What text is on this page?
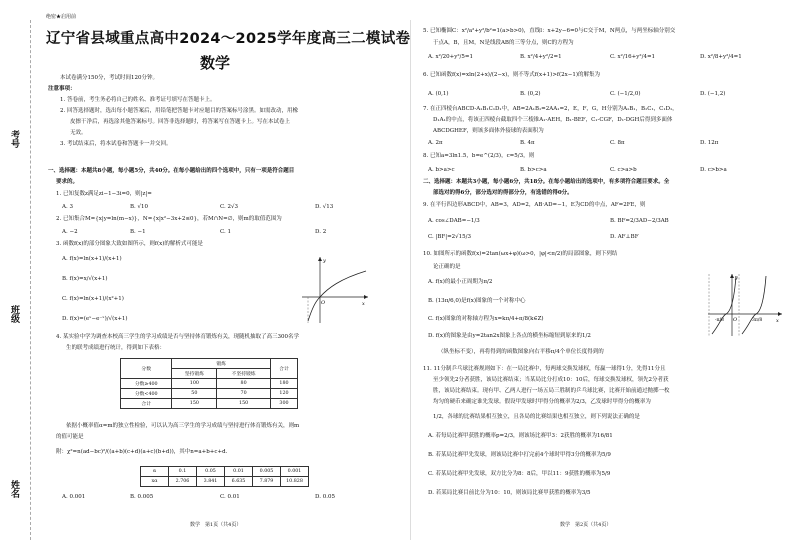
考号
班级
姓名
绝密★启用前
辽宁省县域重点高中2024～2025学年度高三二模试卷
数学
本试卷满分150分，考试时间120分钟。
注意事项：
1. 答卷前，考生务必将自己的姓名、准考证号填写在答题卡上。
2. 回答选择题时，选出每小题答案后，用铅笔把答题卡对应题目的答案标号涂黑。如需改动，用橡
皮擦干净后，再选涂其他答案标号。回答非选择题时，将答案写在答题卡上。写在本试卷上
无效。
3. 考试结束后，将本试卷和答题卡一并交回。
一、选择题：本题共8小题，每小题5分，共40分。在每小题给出的四个选项中，只有一项是符合题目
要求的。
1. 已知复数z满足zi−1−3i=0，则|z|=
A. 3	B. √10	C. 2√3	D. √13
2. 已知集合M={x|y=ln(m−x)}，N={x|x²−3x+2≤0}，若M∩N=∅，则m的取值范围为
A. −2	B. −1	C. 1	D. 2
3. 函数f(x)的部分图象大致如图所示，则f(x)的解析式可能是
A. f(x)=ln(x+1)/(x+1)
B. f(x)=x/√(x+1)
C. f(x)=ln(x+1)/(x²+1)
D. f(x)=(eˣ−e⁻ˣ)/√(x+1)
x
y
O
4. 某实验中学为调查本校高三学生的学习成绩是否与坚持体育锻炼有关，现随机抽取了高三300名学
生的联考成绩进行统计，得到如下表格：
分数	锻炼		合计
	坚持锻炼	不坚持锻炼	
分数≥400	100	80	180
分数<400	50	70	120
合计	150	150	300
依据小概率值α=m的独立性检验，可以认为高三学生的学习成绩与坚持进行体育锻炼有关，则m
的值可能是
附：χ²=n(ad−bc)²/((a+b)(c+d)(a+c)(b+d))，其中n=a+b+c+d.
α	0.1	0.05	0.01	0.005	0.001
xα	2.706	3.841	6.635	7.879	10.828
A. 0.001	B. 0.005	C. 0.01	D. 0.05
数学　第1页（共4页）
5. 已知椭圆C：x²/a²+y²/b²=1(a>b>0)，直线l：x+2y−6=0与C交于M，N两点，与两坐标轴分别交
于点A，B，且M，N是线段AB的三等分点，则C的方程为
A. x²/20+y²/5=1	B. x²/4+y²/2=1	C. x²/16+y²/4=1	D. x²/8+y²/4=1
6. 已知函数f(x)=xln(2+x)/(2−x)，则不等式f(x+1)>f(2x−1)的解集为
A. (0,1)	B. (0,2)	C. (−1/2,0)	D. (−1,2)
7. 在正四棱台ABCD-A₁B₁C₁D₁中，AB=2A₁B₁=2AA₁=2，E，F，G，H分别为A₁B₁，B₁C₁，C₁D₁，
D₁A₁的中点，将该正四棱台截取四个三棱锥A₁-AEH，B₁-BEF，C₁-CGF，D₁-DGH后得到多面体
ABCDGHEF，则该多面体外接球的表面积为
A. 2π	B. 4π	C. 8π	D. 12π
8. 已知a=3ln1.5，b=e^(2/3)，c=5/3，则
A. b>a>c	B. b>c>a	C. c>a>b	D. c>b>a
二、选择题：本题共3小题，每小题6分，共18分。在每小题给出的选项中，有多项符合题目要求。全
部选对的得6分，部分选对的得部分分，有选错的得0分。
9. 在平行四边形ABCD中，AB=3，AD=2，AB·AD=−1，E为CD的中点，AF=2FE，则
A. cos∠DAB=−1/3	B. BF=2/3AD−2/3AB
C. |BF|=2√15/3	D. AF⊥BF
10. 如图所示的函数f(x)=2tan(ωx+φ)(ω>0，|φ|<π/2)的局部图象，则下列结
论正确的是
A. f(x)的最小正周期为π/2
B. (13π/6,0)是f(x)图象的一个对称中心
C. f(x)图象的对称轴方程为x=kπ/4+π/8(k∈Z)
D. f(x)的图象是由y=2tan2x图象上各点的横坐标缩短到原来的1/2
（纵坐标不变），再将得到的函数图象向右平移π/4个单位长度得到的
O
y
x
-π/8	3π/8
11. 11分制乒乓球比赛规则如下：在一局比赛中，每两球交换发球权，每赢一球得1分，先得11分且
至少领先2分者获胜，该局比赛结束；当某局比分打成10：10后，每球交换发球权，领先2分者获
胜，该局比赛结束。现有甲、乙两人进行一场五局三胜制的乒乓球比赛，比赛开始前通过抛掷一枚
均匀的硬币来确定谁先发球。假设甲发球时甲得分的概率为2/3，乙发球时甲得分的概率为
1/2，各球的比赛结果相互独立，且各局的比赛结果也相互独立，则下列说法正确的是
A. 若每局比赛甲获胜的概率p=2/3，则该场比赛甲3：2获胜的概率为16/81
B. 若某局比赛甲先发球，则该局比赛中打完前4个球时甲得3分的概率为5/9
C. 若某局比赛甲先发球，双方比分为8：8后，甲以11：9获胜的概率为5/9
D. 若某局比赛目前比分为10：10，则该局比赛甲获胜的概率为3/5
数学　第2页（共4页）
